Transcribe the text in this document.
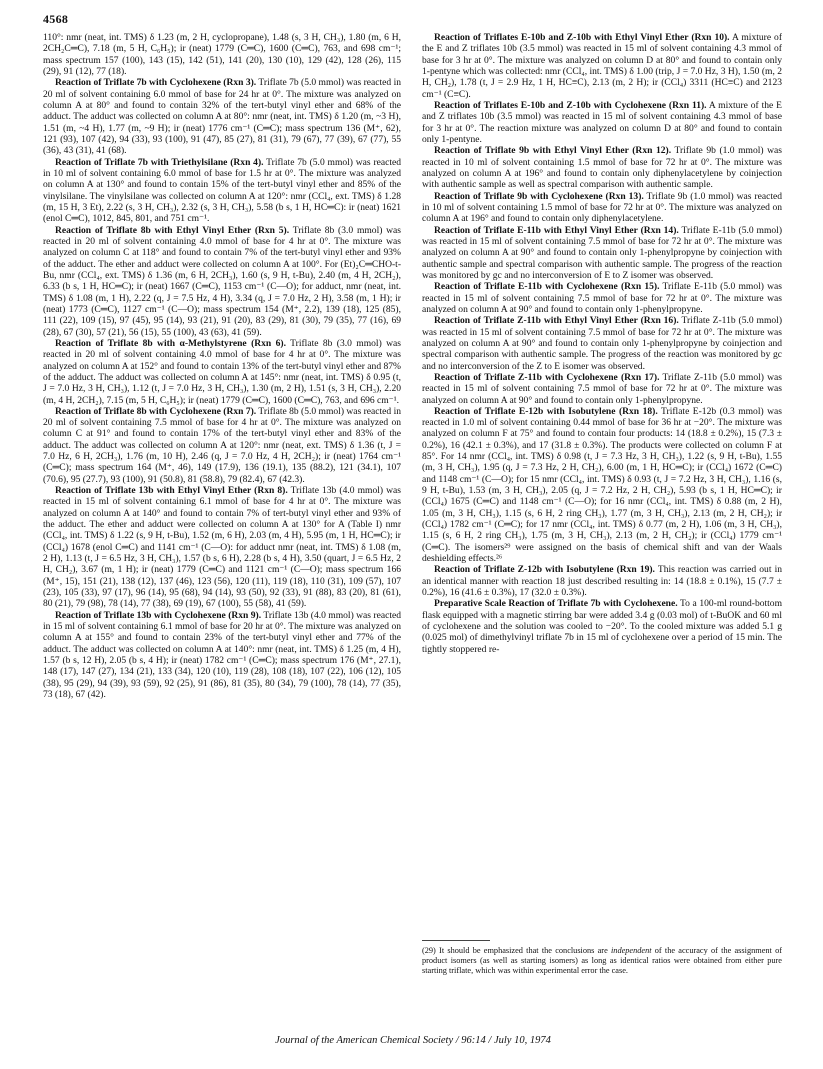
4568

110°: nmr (neat, int. TMS) δ 1.23 (m, 2 H, cyclopropane), 1.48 (s, 3 H, CH₃), 1.80 (m, 6 H, 2CH₂C═C), 7.18 (m, 5 H, C₆H₅); ir (neat) 1779 (C═C), 1600 (C═C), 763, and 698 cm⁻¹; mass spectrum 157 (100), 143 (15), 142 (51), 141 (20), 130 (10), 129 (42), 128 (26), 115 (29), 91 (12), 77 (18).

Reaction of Triflate 7b with Cyclohexene (Rxn 3). Triflate 7b (5.0 mmol) was reacted in 20 ml of solvent containing 6.0 mmol of base for 24 hr at 0°. The mixture was analyzed on column A at 80° and found to contain 32% of the tert-butyl vinyl ether and 68% of the adduct. The adduct was collected on column A at 80°: nmr (neat, int. TMS) δ 1.20 (m, ~3 H), 1.51 (m, ~4 H), 1.77 (m, ~9 H); ir (neat) 1776 cm⁻¹ (C═C); mass spectrum 136 (M⁺, 62), 121 (93), 107 (42), 94 (33), 93 (100), 91 (47), 85 (27), 81 (31), 79 (67), 77 (39), 67 (77), 55 (36), 43 (31), 41 (68).

Reaction of Triflate 7b with Triethylsilane (Rxn 4). Triflate 7b (5.0 mmol) was reacted in 10 ml of solvent containing 6.0 mmol of base for 1.5 hr at 0°. The mixture was analyzed on column A at 130° and found to contain 15% of the tert-butyl vinyl ether and 85% of the vinylsilane. The vinylsilane was collected on column A at 120°: nmr (CCl₄, ext. TMS) δ 1.28 (m, 15 H, 3 Et), 2.22 (s, 3 H, CH₃), 2.32 (s, 3 H, CH₃), 5.58 (b s, 1 H, HC═C): ir (neat) 1621 (enol C═C), 1012, 845, 801, and 751 cm⁻¹.

Reaction of Triflate 8b with Ethyl Vinyl Ether (Rxn 5). Triflate 8b (3.0 mmol) was reacted in 20 ml of solvent containing 4.0 mmol of base for 4 hr at 0°. The mixture was analyzed on column C at 118° and found to contain 7% of the tert-butyl vinyl ether and 93% of the adduct. The ether and adduct were collected on column A at 100°. For (Et)₂C═CHO-t-Bu, nmr (CCl₄, ext. TMS) δ 1.36 (m, 6 H, 2CH₃), 1.60 (s, 9 H, t-Bu), 2.40 (m, 4 H, 2CH₂), 6.33 (b s, 1 H, HC═C); ir (neat) 1667 (C═C), 1153 cm⁻¹ (C—O); for adduct, nmr (neat, int. TMS) δ 1.08 (m, 1 H), 2.22 (q, J = 7.5 Hz, 4 H), 3.34 (q, J = 7.0 Hz, 2 H), 3.58 (m, 1 H); ir (neat) 1773 (C═C), 1127 cm⁻¹ (C—O); mass spectrum 154 (M⁺, 2.2), 139 (18), 125 (85), 111 (22), 109 (15), 97 (45), 95 (14), 93 (21), 91 (20), 83 (29), 81 (30), 79 (35), 77 (16), 69 (28), 67 (30), 57 (21), 56 (15), 55 (100), 43 (63), 41 (59).

Reaction of Triflate 8b with α-Methylstyrene (Rxn 6). Triflate 8b (3.0 mmol) was reacted in 20 ml of solvent containing 4.0 mmol of base for 4 hr at 0°. The mixture was analyzed on column A at 152° and found to contain 13% of the tert-butyl vinyl ether and 87% of the adduct. The adduct was collected on column A at 145°: nmr (neat, int. TMS) δ 0.95 (t, J = 7.0 Hz, 3 H, CH₃), 1.12 (t, J = 7.0 Hz, 3 H, CH₃), 1.30 (m, 2 H), 1.51 (s, 3 H, CH₃), 2.20 (m, 4 H, 2CH₂), 7.15 (m, 5 H, C₆H₅); ir (neat) 1779 (C═C), 1600 (C═C), 763, and 696 cm⁻¹.

Reaction of Triflate 8b with Cyclohexene (Rxn 7). Triflate 8b (5.0 mmol) was reacted in 20 ml of solvent containing 7.5 mmol of base for 4 hr at 0°. The mixture was analyzed on column C at 91° and found to contain 17% of the tert-butyl vinyl ether and 83% of the adduct. The adduct was collected on column A at 120°: nmr (neat, ext. TMS) δ 1.36 (t, J = 7.0 Hz, 6 H, 2CH₃), 1.76 (m, 10 H), 2.46 (q, J = 7.0 Hz, 4 H, 2CH₂); ir (neat) 1764 cm⁻¹ (C═C); mass spectrum 164 (M⁺, 46), 149 (17.9), 136 (19.1), 135 (88.2), 121 (34.1), 107 (70.6), 95 (27.7), 93 (100), 91 (50.8), 81 (58.8), 79 (82.4), 67 (42.3).

Reaction of Triflate 13b with Ethyl Vinyl Ether (Rxn 8). Triflate 13b (4.0 mmol) was reacted in 15 ml of solvent containing 6.1 mmol of base for 4 hr at 0°. The mixture was analyzed on column A at 140° and found to contain 7% of tert-butyl vinyl ether and 93% of the adduct. The ether and adduct were collected on column A at 130° for A (Table I) nmr (CCl₄, int. TMS) δ 1.22 (s, 9 H, t-Bu), 1.52 (m, 6 H), 2.03 (m, 4 H), 5.95 (m, 1 H, HC═C); ir (CCl₄) 1678 (enol C═C) and 1141 cm⁻¹ (C—O): for adduct nmr (neat, int. TMS) δ 1.08 (m, 2 H), 1.13 (t, J = 6.5 Hz, 3 H, CH₃), 1.57 (b s, 6 H), 2.28 (b s, 4 H), 3.50 (quart, J = 6.5 Hz, 2 H, CH₂), 3.67 (m, 1 H); ir (neat) 1779 (C═C) and 1121 cm⁻¹ (C—O); mass spectrum 166 (M⁺, 15), 151 (21), 138 (12), 137 (46), 123 (56), 120 (11), 119 (18), 110 (31), 109 (57), 107 (23), 105 (33), 97 (17), 96 (14), 95 (68), 94 (14), 93 (50), 92 (33), 91 (88), 83 (20), 81 (61), 80 (21), 79 (98), 78 (14), 77 (38), 69 (19), 67 (100), 55 (58), 41 (59).

Reaction of Triflate 13b with Cyclohexene (Rxn 9). Triflate 13b (4.0 mmol) was reacted in 15 ml of solvent containing 6.1 mmol of base for 20 hr at 0°. The mixture was analyzed on column A at 155° and found to contain 23% of the tert-butyl vinyl ether and 77% of the adduct. The adduct was collected on column A at 140°: nmr (neat, int. TMS) δ 1.25 (m, 4 H), 1.57 (b s, 12 H), 2.05 (b s, 4 H); ir (neat) 1782 cm⁻¹ (C═C); mass spectrum 176 (M⁺, 27.1), 148 (17), 147 (27), 134 (21), 133 (34), 120 (10), 119 (28), 108 (18), 107 (22), 106 (12), 105 (38), 95 (29), 94 (39), 93 (59), 92 (25), 91 (86), 81 (35), 80 (34), 79 (100), 78 (14), 77 (35), 73 (18), 67 (42).

Reaction of Triflates E-10b and Z-10b with Ethyl Vinyl Ether (Rxn 10). A mixture of the E and Z triflates 10b (3.5 mmol) was reacted in 15 ml of solvent containing 4.3 mmol of base for 3 hr at 0°. The mixture was analyzed on column D at 80° and found to contain only 1-pentyne which was collected: nmr (CCl₄, int. TMS) δ 1.00 (trip, J = 7.0 Hz, 3 H), 1.50 (m, 2 H, CH₂), 1.78 (t, J = 2.9 Hz, 1 H, HC≡C), 2.13 (m, 2 H); ir (CCl₄) 3311 (HC≡C) and 2123 cm⁻¹ (C≡C).

Reaction of Triflates E-10b and Z-10b with Cyclohexene (Rxn 11). A mixture of the E and Z triflates 10b (3.5 mmol) was reacted in 15 ml of solvent containing 4.3 mmol of base for 3 hr at 0°. The reaction mixture was analyzed on column D at 80° and found to contain only 1-pentyne.

Reaction of Triflate 9b with Ethyl Vinyl Ether (Rxn 12). Triflate 9b (1.0 mmol) was reacted in 10 ml of solvent containing 1.5 mmol of base for 72 hr at 0°. The mixture was analyzed on column A at 196° and found to contain only diphenylacetylene by coinjection with authentic sample as well as spectral comparison with authentic sample.

Reaction of Triflate 9b with Cyclohexene (Rxn 13). Triflate 9b (1.0 mmol) was reacted in 10 ml of solvent containing 1.5 mmol of base for 72 hr at 0°. The mixture was analyzed on column A at 196° and found to contain only diphenylacetylene.

Reaction of Triflate E-11b with Ethyl Vinyl Ether (Rxn 14). Triflate E-11b (5.0 mmol) was reacted in 15 ml of solvent containing 7.5 mmol of base for 72 hr at 0°. The mixture was analyzed on column A at 90° and found to contain only 1-phenylpropyne by coinjection with authentic sample and spectral comparison with authentic sample. The progress of the reaction was monitored by gc and no interconversion of E to Z isomer was observed.

Reaction of Triflate E-11b with Cyclohexene (Rxn 15). Triflate E-11b (5.0 mmol) was reacted in 15 ml of solvent containing 7.5 mmol of base for 72 hr at 0°. The mixture was analyzed on column A at 90° and found to contain only 1-phenylpropyne.

Reaction of Triflate Z-11b with Ethyl Vinyl Ether (Rxn 16). Triflate Z-11b (5.0 mmol) was reacted in 15 ml of solvent containing 7.5 mmol of base for 72 hr at 0°. The mixture was analyzed on column A at 90° and found to contain only 1-phenylpropyne by coinjection and spectral comparison with authentic sample. The progress of the reaction was monitored by gc and no interconversion of the Z to E isomer was observed.

Reaction of Triflate Z-11b with Cyclohexene (Rxn 17). Triflate Z-11b (5.0 mmol) was reacted in 15 ml of solvent containing 7.5 mmol of base for 72 hr at 0°. The mixture was analyzed on column A at 90° and found to contain only 1-phenylpropyne.

Reaction of Triflate E-12b with Isobutylene (Rxn 18). Triflate E-12b (0.3 mmol) was reacted in 1.0 ml of solvent containing 0.44 mmol of base for 36 hr at −20°. The mixture was analyzed on column F at 75° and found to contain four products: 14 (18.8 ± 0.2%), 15 (7.3 ± 0.2%), 16 (42.1 ± 0.3%), and 17 (31.8 ± 0.3%). The products were collected on column F at 85°. For 14 nmr (CCl₄, int. TMS) δ 0.98 (t, J = 7.3 Hz, 3 H, CH₃), 1.22 (s, 9 H, t-Bu), 1.55 (m, 3 H, CH₃), 1.95 (q, J = 7.3 Hz, 2 H, CH₂), 6.00 (m, 1 H, HC═C); ir (CCl₄) 1672 (C═C) and 1148 cm⁻¹ (C—O); for 15 nmr (CCl₄, int. TMS) δ 0.93 (t, J = 7.2 Hz, 3 H, CH₃), 1.16 (s, 9 H, t-Bu), 1.53 (m, 3 H, CH₃), 2.05 (q, J = 7.2 Hz, 2 H, CH₂), 5.93 (b s, 1 H, HC═C); ir (CCl₄) 1675 (C═C) and 1148 cm⁻¹ (C—O); for 16 nmr (CCl₄, int. TMS) δ 0.88 (m, 2 H), 1.05 (m, 3 H, CH₃), 1.15 (s, 6 H, 2 ring CH₃), 1.77 (m, 3 H, CH₃), 2.13 (m, 2 H, CH₂); ir (CCl₄) 1782 cm⁻¹ (C═C); for 17 nmr (CCl₄, int. TMS) δ 0.77 (m, 2 H), 1.06 (m, 3 H, CH₃), 1.15 (s, 6 H, 2 ring CH₃), 1.75 (m, 3 H, CH₃), 2.13 (m, 2 H, CH₂); ir (CCl₄) 1779 cm⁻¹ (C═C). The isomers²⁹ were assigned on the basis of chemical shift and van der Waals deshielding effects.²⁶

Reaction of Triflate Z-12b with Isobutylene (Rxn 19). This reaction was carried out in an identical manner with reaction 18 just described resulting in: 14 (18.8 ± 0.1%), 15 (7.7 ± 0.2%), 16 (41.6 ± 0.3%), 17 (32.0 ± 0.3%).

Preparative Scale Reaction of Triflate 7b with Cyclohexene. To a 100-ml round-bottom flask equipped with a magnetic stirring bar were added 3.4 g (0.03 mol) of t-BuOK and 60 ml of cyclohexene and the solution was cooled to −20°. To the cooled mixture was added 5.1 g (0.025 mol) of dimethylvinyl triflate 7b in 15 ml of cyclohexene over a period of 15 min. The tightly stoppered re-

(29) It should be emphasized that the conclusions are independent of the accuracy of the assignment of product isomers (as well as starting isomers) as long as identical ratios were obtained from either pure starting triflate, which was within experimental error the case.
Journal of the American Chemical Society / 96:14 / July 10, 1974
